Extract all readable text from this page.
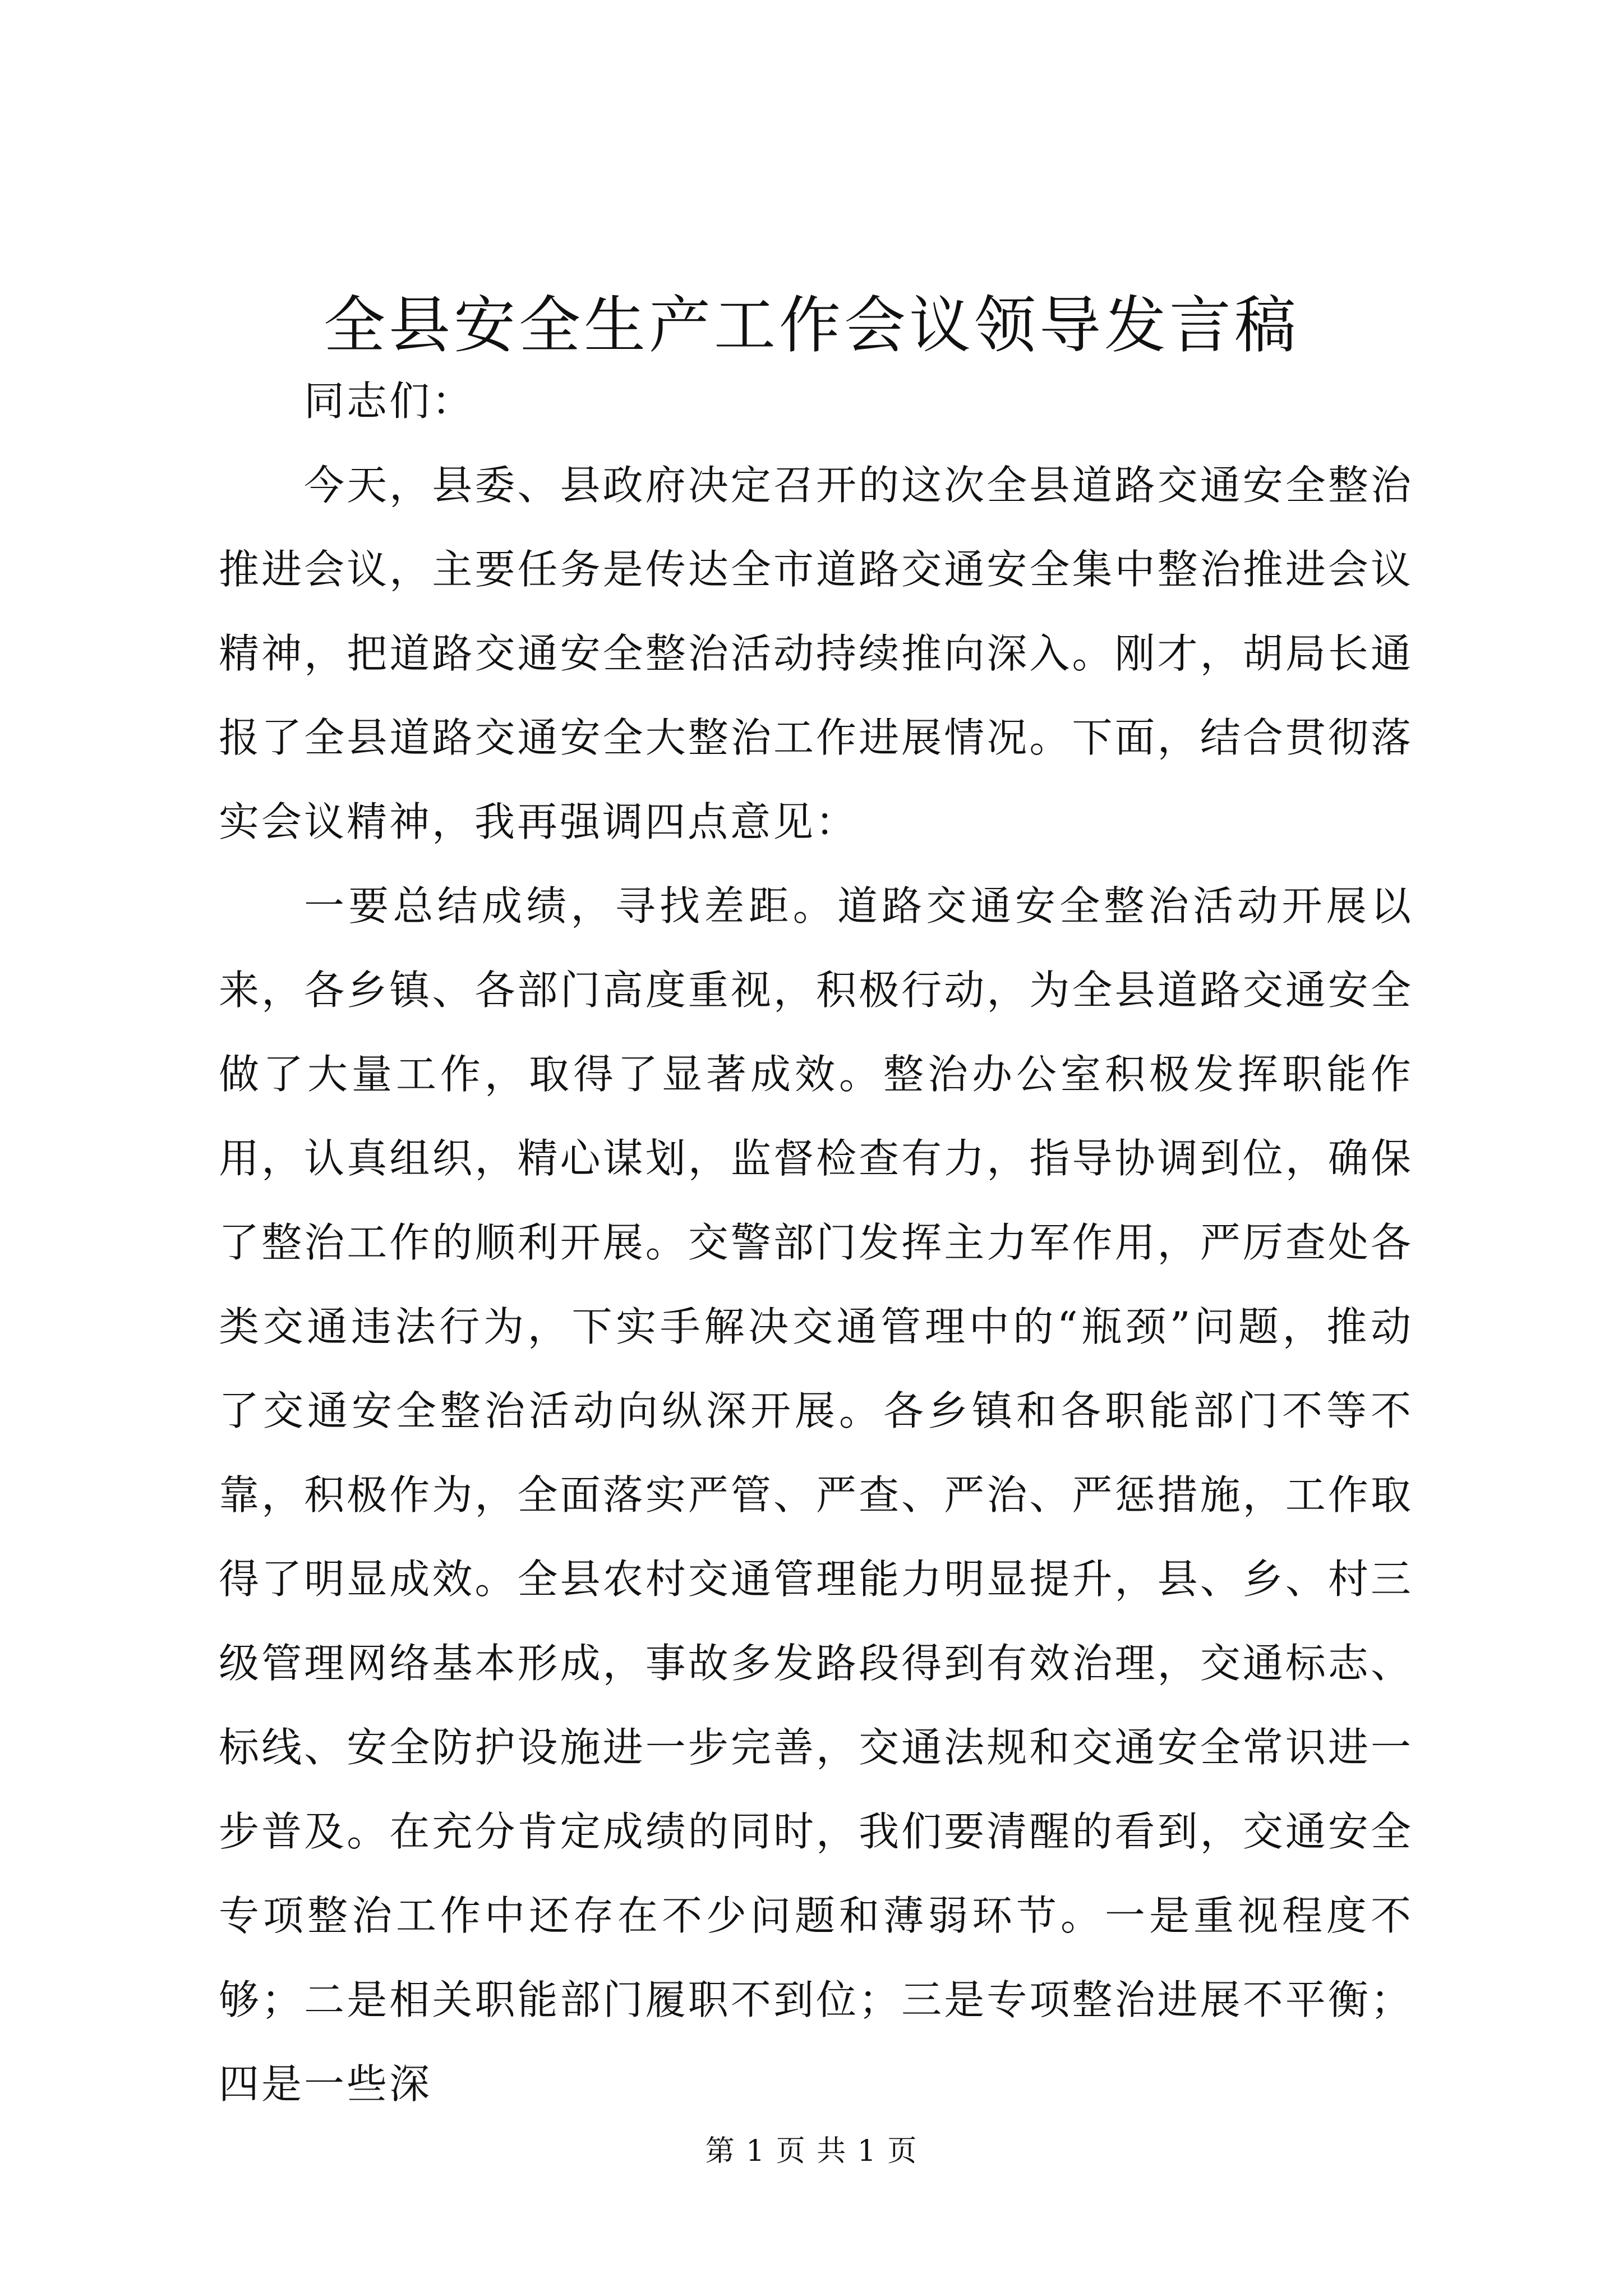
全县安全生产工作会议领导发言稿

同志们：

今天，县委、县政府决定召开的这次全县道路交通安全整治推进会议，主要任务是传达全市道路交通安全集中整治推进会议精神，把道路交通安全整治活动持续推向深入。刚才，胡局长通报了全县道路交通安全大整治工作进展情况。下面，结合贯彻落实会议精神，我再强调四点意见：

一要总结成绩，寻找差距。道路交通安全整治活动开展以来，各乡镇、各部门高度重视，积极行动，为全县道路交通安全做了大量工作，取得了显著成效。整治办公室积极发挥职能作用，认真组织，精心谋划，监督检查有力，指导协调到位，确保了整治工作的顺利开展。交警部门发挥主力军作用，严厉查处各类交通违法行为，下实手解决交通管理中的“瓶颈”问题，推动了交通安全整治活动向纵深开展。各乡镇和各职能部门不等不靠，积极作为，全面落实严管、严查、严治、严惩措施，工作取得了明显成效。全县农村交通管理能力明显提升，县、乡、村三级管理网络基本形成，事故多发路段得到有效治理，交通标志、标线、安全防护设施进一步完善，交通法规和交通安全常识进一步普及。在充分肯定成绩的同时，我们要清醒的看到，交通安全专项整治工作中还存在不少问题和薄弱环节。一是重视程度不够；二是相关职能部门履职不到位；三是专项整治进展不平衡；四是一些深

第 1 页 共 1 页
